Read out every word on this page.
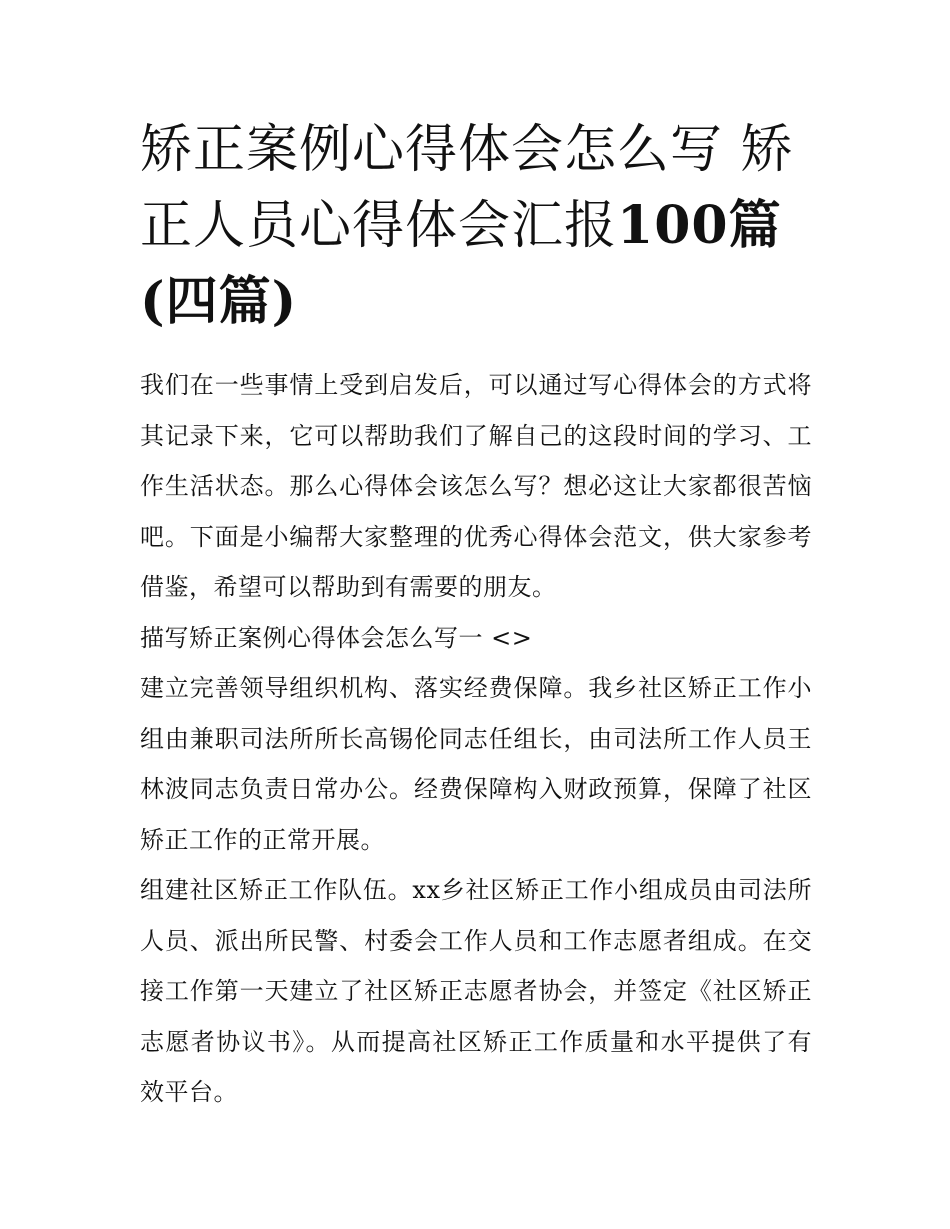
矫正案例心得体会怎么写 矫正人员心得体会汇报100篇(四篇)

我们在一些事情上受到启发后，可以通过写心得体会的方式将其记录下来，它可以帮助我们了解自己的这段时间的学习、工作生活状态。那么心得体会该怎么写？想必这让大家都很苦恼吧。下面是小编帮大家整理的优秀心得体会范文，供大家参考借鉴，希望可以帮助到有需要的朋友。

描写矫正案例心得体会怎么写一 <>

建立完善领导组织机构、落实经费保障。我乡社区矫正工作小组由兼职司法所所长高锡伦同志任组长，由司法所工作人员王林波同志负责日常办公。经费保障构入财政预算，保障了社区矫正工作的正常开展。

组建社区矫正工作队伍。xx乡社区矫正工作小组成员由司法所人员、派出所民警、村委会工作人员和工作志愿者组成。在交接工作第一天建立了社区矫正志愿者协会，并签定《社区矫正志愿者协议书》。从而提高社区矫正工作质量和水平提供了有效平台。
